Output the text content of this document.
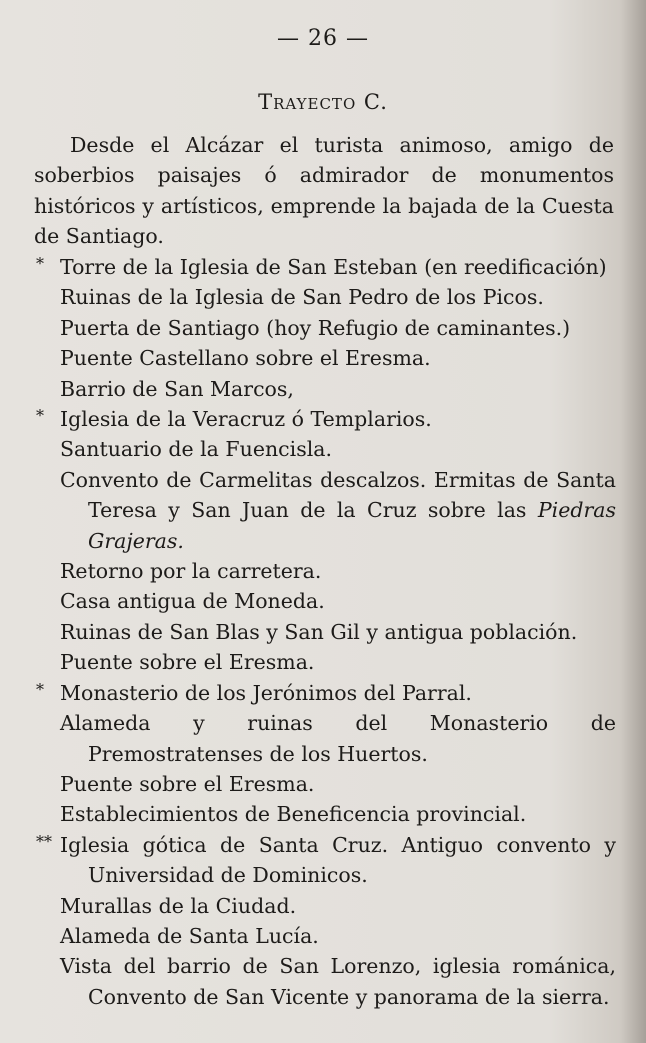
— 26 —
Trayecto C.

Desde el Alcázar el turista animoso, amigo de soberbios paisajes ó admirador de monumentos históricos y artísticos, emprende la bajada de la Cuesta de Santiago.

* Torre de la Iglesia de San Esteban (en reedificación)
Ruinas de la Iglesia de San Pedro de los Picos.
Puerta de Santiago (hoy Refugio de caminantes.)
Puente Castellano sobre el Eresma.
Barrio de San Marcos,
* Iglesia de la Veracruz ó Templarios.
Santuario de la Fuencisla.
Convento de Carmelitas descalzos. Ermitas de Santa Teresa y San Juan de la Cruz sobre las Piedras Grajeras.
Retorno por la carretera.
Casa antigua de Moneda.
Ruinas de San Blas y San Gil y antigua población.
Puente sobre el Eresma.
* Monasterio de los Jerónimos del Parral.
Alameda y ruinas del Monasterio de Premostratenses de los Huertos.
Puente sobre el Eresma.
Establecimientos de Beneficencia provincial.
** Iglesia gótica de Santa Cruz. Antiguo convento y Universidad de Dominicos.
Murallas de la Ciudad.
Alameda de Santa Lucía.
Vista del barrio de San Lorenzo, iglesia románica, Convento de San Vicente y panorama de la sierra.
